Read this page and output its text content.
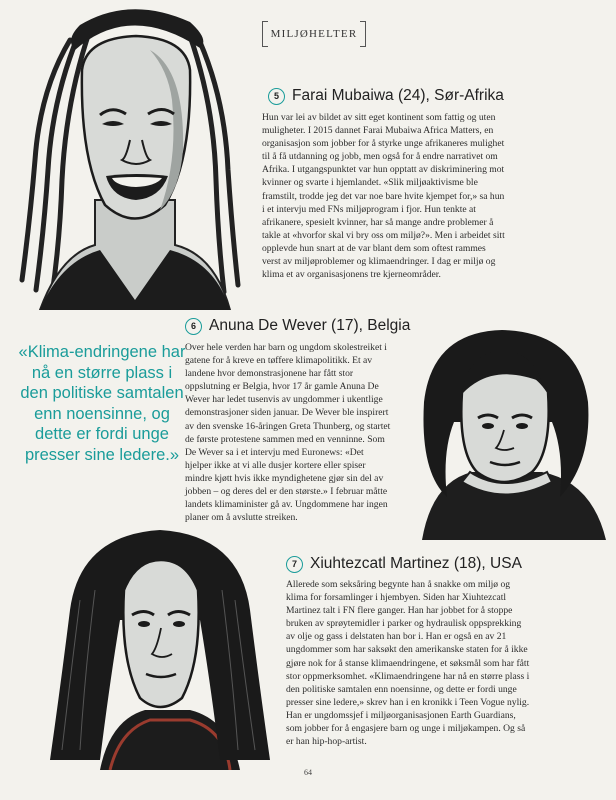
MILJØHELTER
5 Farai Mubaiwa (24), Sør-Afrika

Hun var lei av bildet av sitt eget kontinent som fattig og uten muligheter. I 2015 dannet Farai Mubaiwa Africa Matters, en organisasjon som jobber for å styrke unge afrikaneres mulighet til å få utdanning og jobb, men også for å endre narrativet om Afrika. I utgangspunktet var hun opptatt av diskriminering mot kvinner og svarte i hjemlandet. «Slik miljøaktivisme ble framstilt, trodde jeg det var noe bare hvite kjempet for,» sa hun i et intervju med FNs miljøprogram i fjor. Hun tenkte at afrikanere, spesielt kvinner, har så mange andre problemer å takle at «hvorfor skal vi bry oss om miljø?». Men i arbeidet sitt opplevde hun snart at de var blant dem som oftest rammes verst av miljøproblemer og klimaendringer. I dag er miljø og klima et av organisasjonens tre kjerneområder.

6 Anuna De Wever (17), Belgia

Over hele verden har barn og ungdom skolestreiket i gatene for å kreve en tøffere klimapolitikk. Et av landene hvor demonstrasjonene har fått stor oppslutning er Belgia, hvor 17 år gamle Anuna De Wever har ledet tusenvis av ungdommer i ukentlige demonstrasjoner siden januar. De Wever ble inspirert av den svenske 16-åringen Greta Thunberg, og startet de første protestene sammen med en venninne. Som De Wever sa i et intervju med Euronews: «Det hjelper ikke at vi alle dusjer kortere eller spiser mindre kjøtt hvis ikke myndighetene gjør sin del av jobben – og deres del er den største.» I februar måtte landets klimaminister gå av. Ungdommene har ingen planer om å avslutte streiken.

«Klima-endringene har nå en større plass i den politiske samtalen enn noensinne, og dette er fordi unge presser sine ledere.»
7 Xiuhtezcatl Martinez (18), USA

Allerede som seksåring begynte han å snakke om miljø og klima for forsamlinger i hjembyen. Siden har Xiuhtezcatl Martinez talt i FN flere ganger. Han har jobbet for å stoppe bruken av sprøytemidler i parker og hydraulisk oppsprekking av olje og gass i delstaten han bor i. Han er også en av 21 ungdommer som har saksøkt den amerikanske staten for å ikke gjøre nok for å stanse klimaendringene, et søksmål som har fått stor oppmerksomhet. «Klimaendringene har nå en større plass i den politiske samtalen enn noensinne, og dette er fordi unge presser sine ledere,» skrev han i en kronikk i Teen Vogue nylig. Han er ungdomssjef i miljøorganisasjonen Earth Guardians, som jobber for å engasjere barn og unge i miljøkampen. Og så er han hip-hop-artist.

64
